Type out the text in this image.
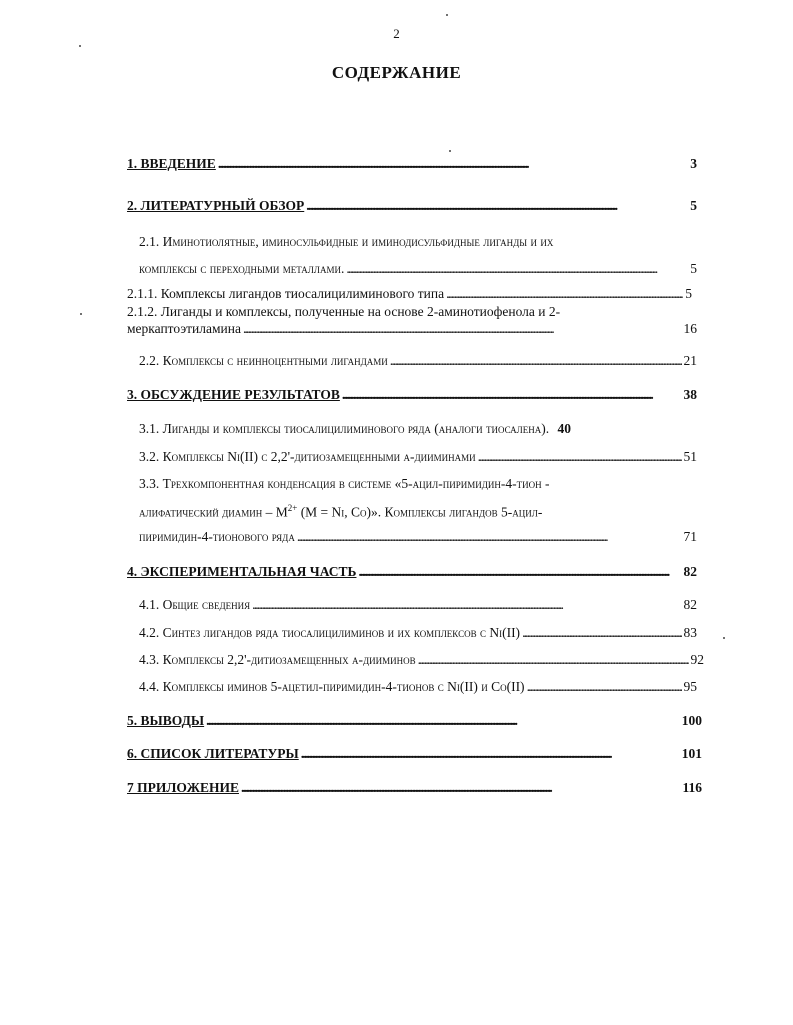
2
СОДЕРЖАНИЕ
1. ВВЕДЕНИЕ . . .	3
2. ЛИТЕРАТУРНЫЙ ОБЗОР . . .	5
2.1. Иминотиолятные, иминосульфидные и иминодисульфидные лиганды и их
комплексы с переходными металлами. . . .	5
2.1.1. Комплексы лигандов тиосалицилиминового типа . . .	5
2.1.2. Лиганды и комплексы, полученные на основе 2-аминотиофенола и 2-
меркаптоэтиламина . . .	16
2.2. Комплексы с неинноцентными лигандами . . .	21
3. ОБСУЖДЕНИЕ РЕЗУЛЬТАТОВ . . .	38
3.1. Лиганды и комплексы тиосалицилиминового ряда (аналоги тиосалена). 40
3.2. Комплексы Ni(II) с 2,2'-дитиозамещенными α-дииминами . . .	51
3.3. Трехкомпонентная конденсация в системе «5-ацил-пиримидин-4-тион -
алифатический диамин – $M^{2+}$ (M = Ni, Co)». Комплексы лигандов 5-ацил-
пиримидин-4-тионового ряда . . .	71
4. ЭКСПЕРИМЕНТАЛЬНАЯ ЧАСТЬ . . .	82
4.1. Общие сведения . . .	82
4.2. Синтез лигандов ряда тиосалицилиминов и их комплексов с Ni(II) . . .	83
4.3. Комплексы 2,2'-дитиозамещенных α-дииминов . . .	92
4.4. Комплексы иминов 5-ацетил-пиримидин-4-тионов с Ni(II) и Co(II) . . .	95
5. ВЫВОДЫ . . .	100
6. СПИСОК ЛИТЕРАТУРЫ . . .	101
7 ПРИЛОЖЕНИЕ . . .	116
